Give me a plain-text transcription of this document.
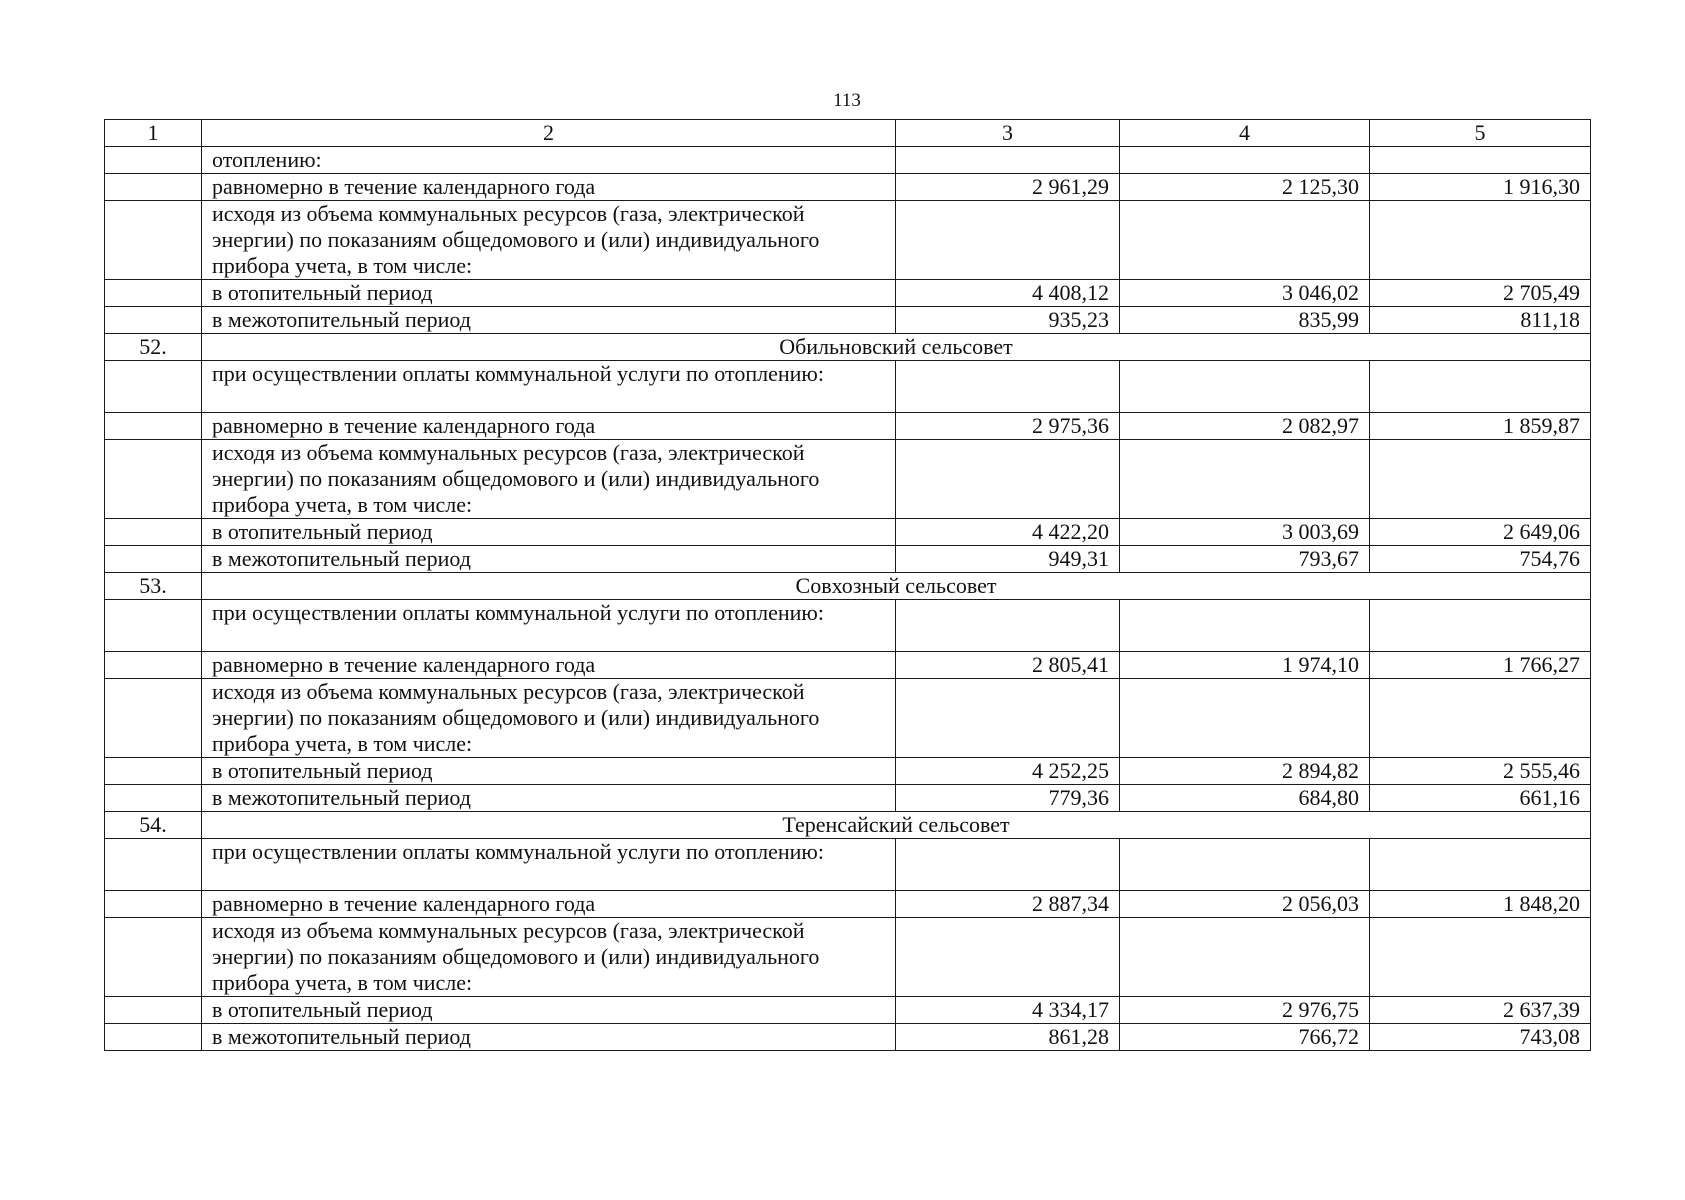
113
1	2	3	4	5
	отоплению:			
	равномерно в течение календарного года	2 961,29	2 125,30	1 916,30
	исходя из объема коммунальных ресурсов (газа, электрической энергии) по показаниям общедомового и (или) индивидуального прибора учета, в том числе:			
	в отопительный период	4 408,12	3 046,02	2 705,49
	в межотопительный период	935,23	835,99	811,18
52.	Обильновский сельсовет			
	при осуществлении оплаты коммунальной услуги по отоплению:			
	равномерно в течение календарного года	2 975,36	2 082,97	1 859,87
	исходя из объема коммунальных ресурсов (газа, электрической энергии) по показаниям общедомового и (или) индивидуального прибора учета, в том числе:			
	в отопительный период	4 422,20	3 003,69	2 649,06
	в межотопительный период	949,31	793,67	754,76
53.	Совхозный сельсовет			
	при осуществлении оплаты коммунальной услуги по отоплению:			
	равномерно в течение календарного года	2 805,41	1 974,10	1 766,27
	исходя из объема коммунальных ресурсов (газа, электрической энергии) по показаниям общедомового и (или) индивидуального прибора учета, в том числе:			
	в отопительный период	4 252,25	2 894,82	2 555,46
	в межотопительный период	779,36	684,80	661,16
54.	Теренсайский сельсовет			
	при осуществлении оплаты коммунальной услуги по отоплению:			
	равномерно в течение календарного года	2 887,34	2 056,03	1 848,20
	исходя из объема коммунальных ресурсов (газа, электрической энергии) по показаниям общедомового и (или) индивидуального прибора учета, в том числе:			
	в отопительный период	4 334,17	2 976,75	2 637,39
	в межотопительный период	861,28	766,72	743,08
